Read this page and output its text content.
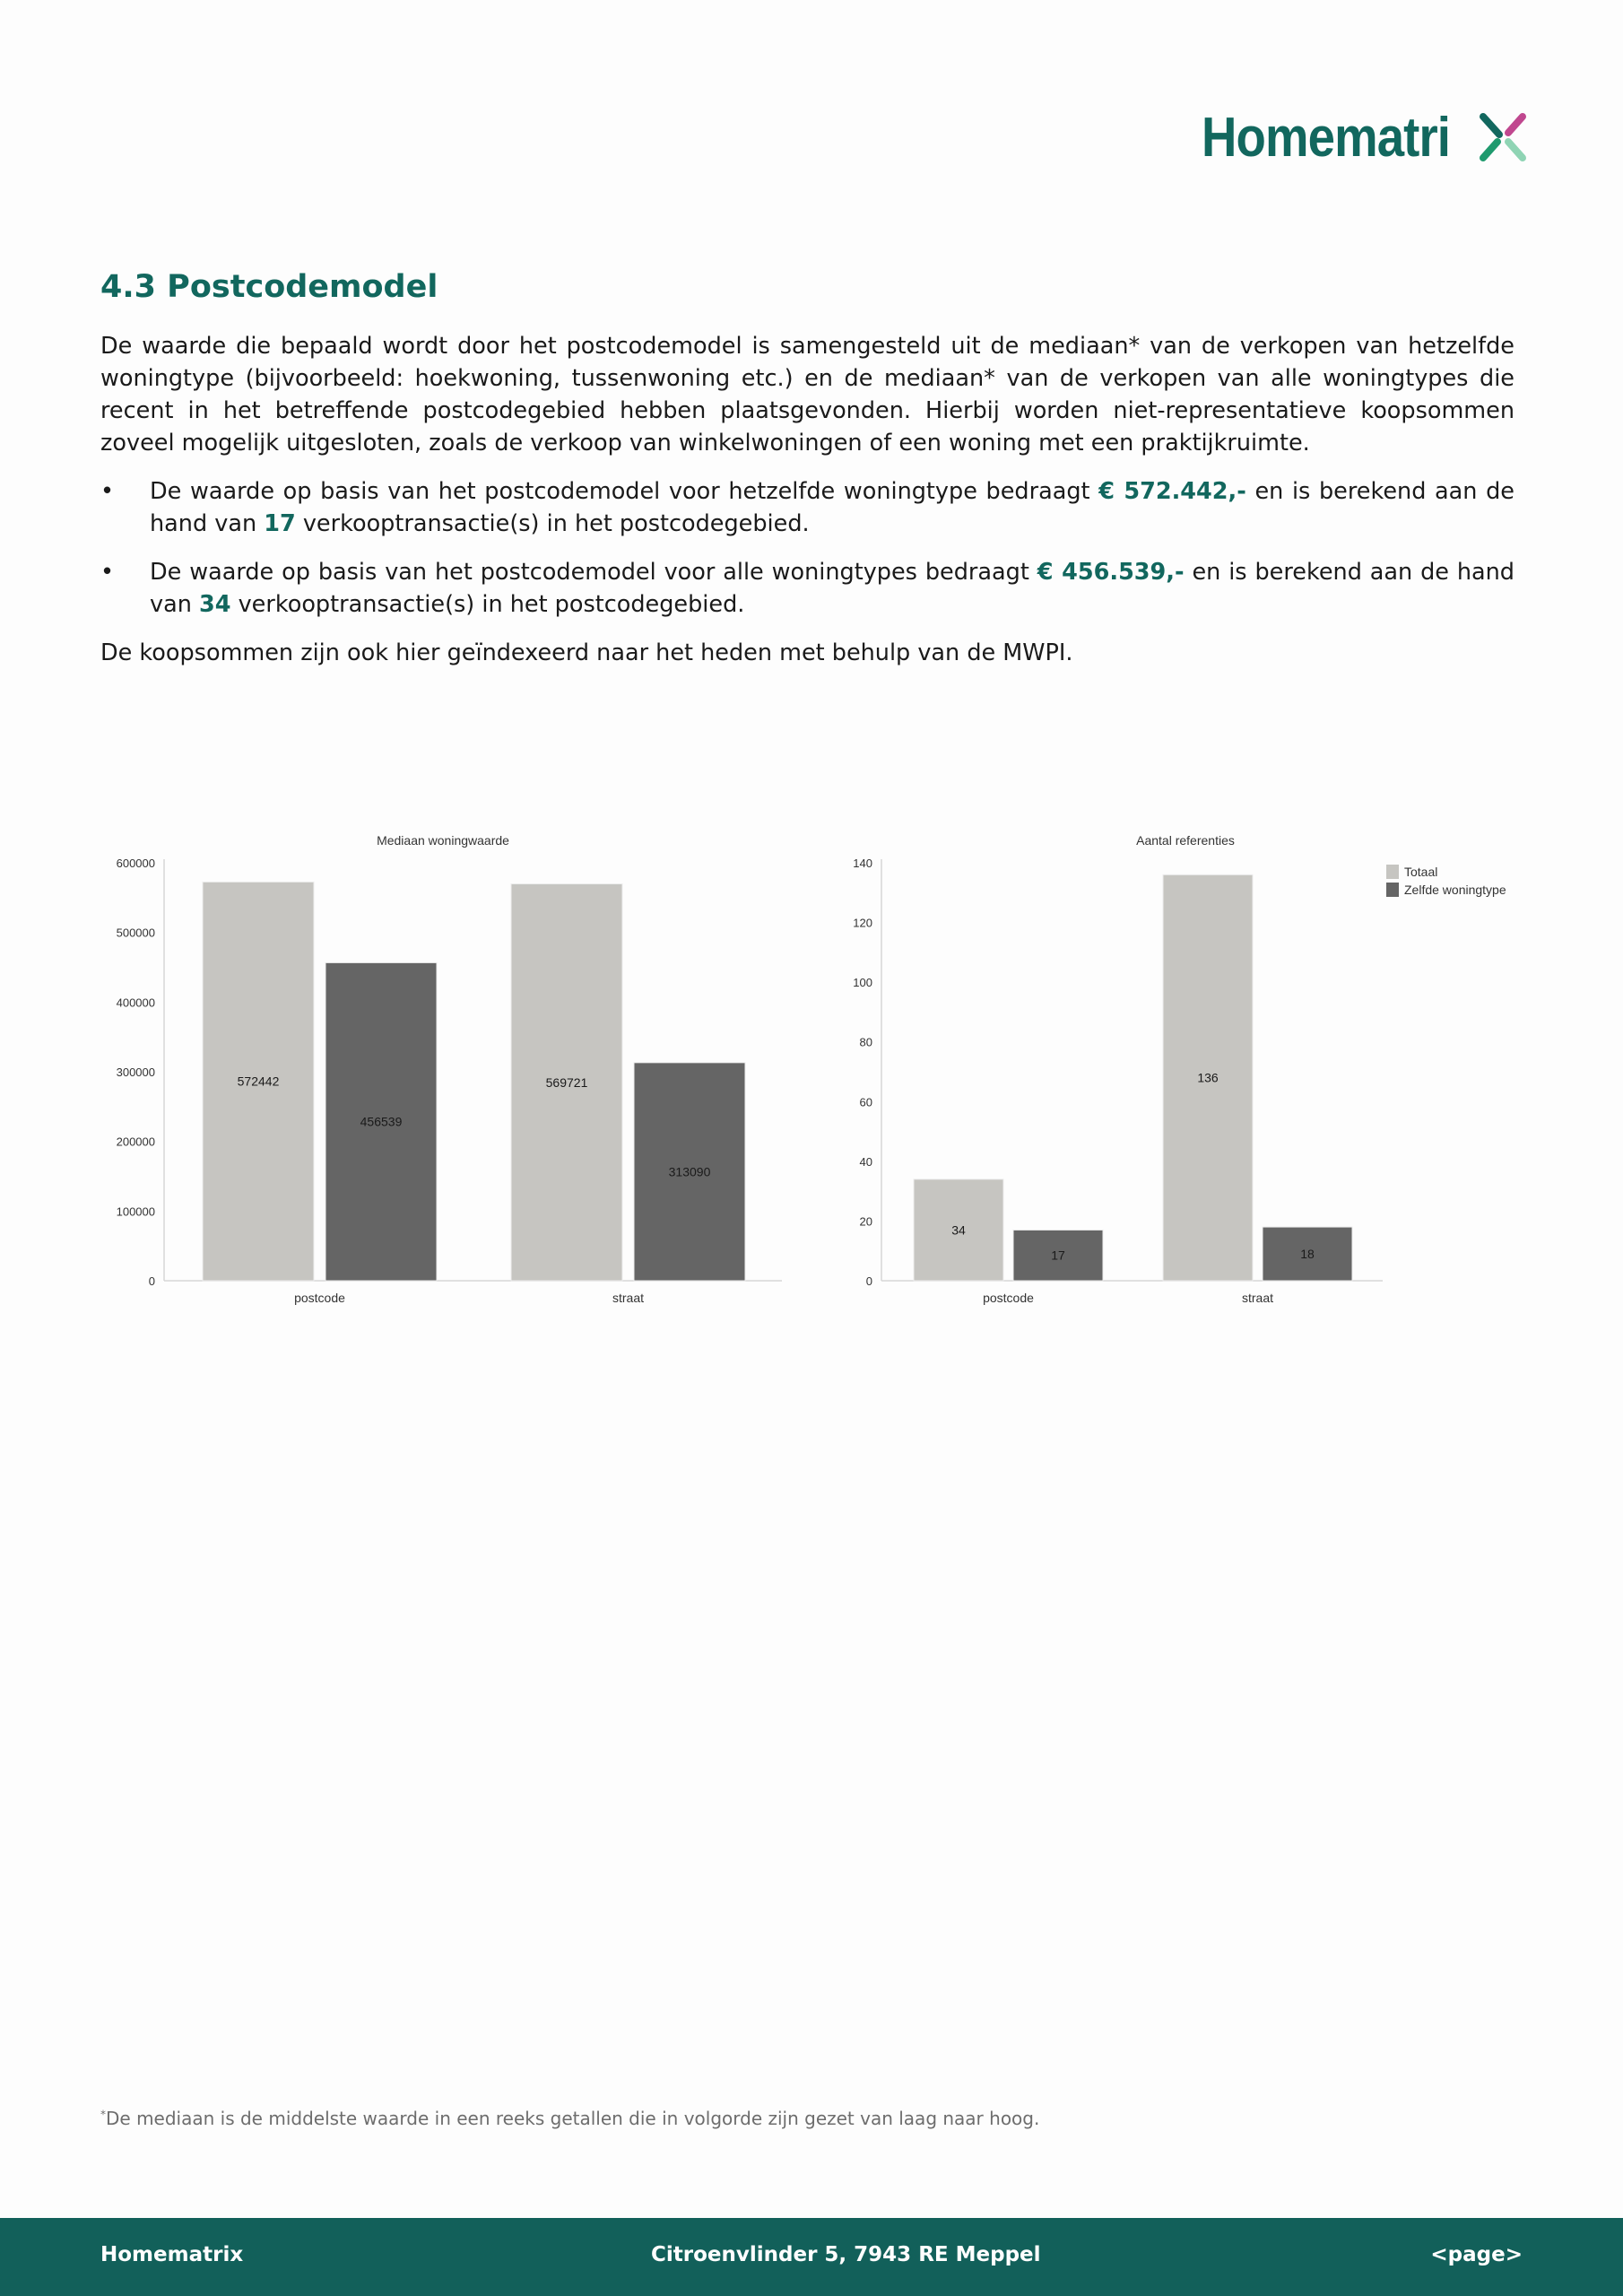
Homematri
4.3 Postcodemodel

De waarde die bepaald wordt door het postcodemodel is samengesteld uit de mediaan* van de verkopen van hetzelfde woningtype (bijvoorbeeld: hoekwoning, tussenwoning etc.) en de mediaan* van de verkopen van alle woningtypes die recent in het betreffende postcodegebied hebben plaatsgevonden. Hierbij worden niet-representatieve koopsommen zoveel mogelijk uitgesloten, zoals de verkoop van winkelwoningen of een woning met een praktijkruimte.

• De waarde op basis van het postcodemodel voor hetzelfde woningtype bedraagt € 572.442,- en is berekend aan de hand van 17 verkooptransactie(s) in het postcodegebied.
• De waarde op basis van het postcodemodel voor alle woningtypes bedraagt € 456.539,- en is berekend aan de hand van 34 verkooptransactie(s) in het postcodegebied.

De koopsommen zijn ook hier geïndexeerd naar het heden met behulp van de MWPI.

Mediaan woningwaarde
0
100000
200000
300000
400000
500000
600000
572442	569721
456539
313090
postcode	straat
Aantal referenties
0
20
40
60
80
100
120
140
34
136
17	18
postcode	straat
Totaal
Zelfde woningtype
*De mediaan is de middelste waarde in een reeks getallen die in volgorde zijn gezet van laag naar hoog.
Homematrix	Citroenvlinder 5, 7943 RE Meppel	<page>
